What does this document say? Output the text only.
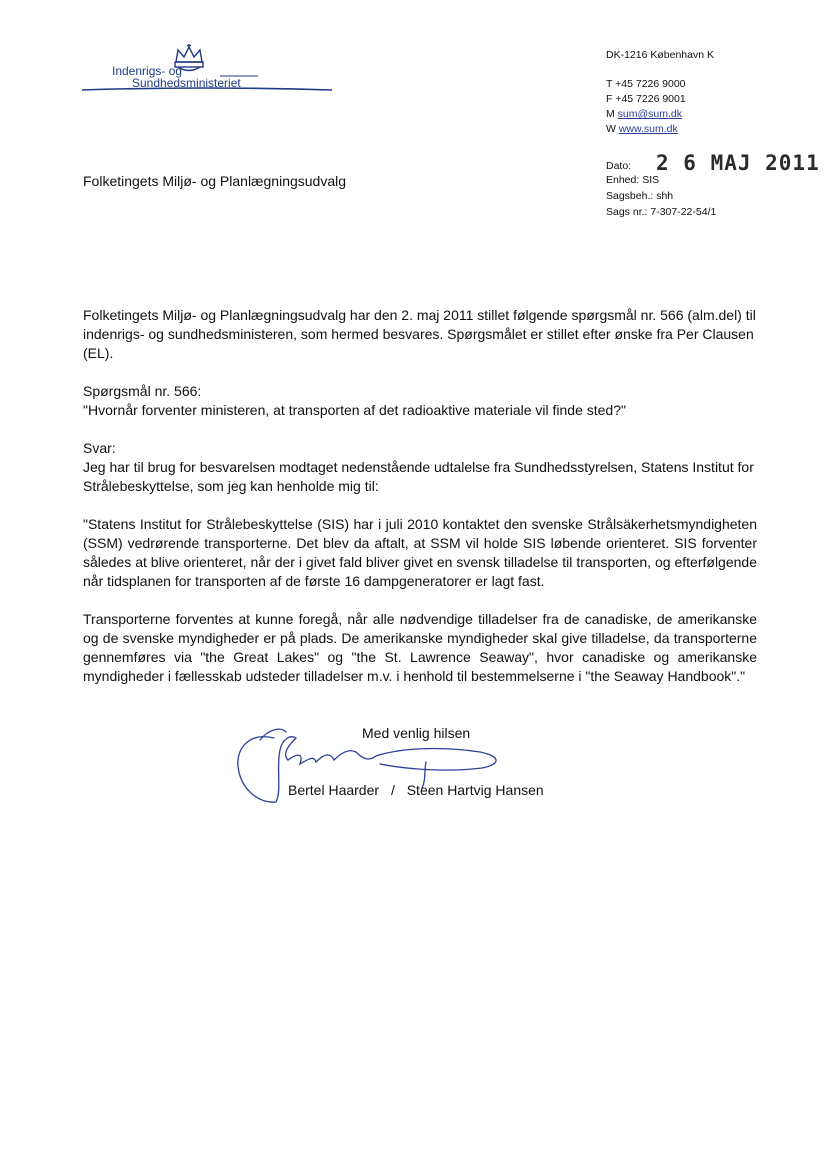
Indenrigs- og
Sundhedsministeriet
DK-1216 København K
T +45 7226 9000
F +45 7226 9001
M sum@sum.dk
W www.sum.dk
Dato: 2 6 MAJ 2011
Enhed: SIS
Sagsbeh.: shh
Sags nr.: 7-307-22-54/1
Folketingets Miljø- og Planlægningsudvalg

Folketingets Miljø- og Planlægningsudvalg har den 2. maj 2011 stillet følgende spørgsmål nr. 566 (alm.del) til indenrigs- og sundhedsministeren, som hermed besvares. Spørgsmålet er stillet efter ønske fra Per Clausen (EL).

Spørgsmål nr. 566:

"Hvornår forventer ministeren, at transporten af det radioaktive materiale vil finde sted?"

Svar:

Jeg har til brug for besvarelsen modtaget nedenstående udtalelse fra Sundhedsstyrelsen, Statens Institut for Strålebeskyttelse, som jeg kan henholde mig til:

"Statens Institut for Strålebeskyttelse (SIS) har i juli 2010 kontaktet den svenske Strålsäkerhetsmyndigheten (SSM) vedrørende transporterne. Det blev da aftalt, at SSM vil holde SIS løbende orienteret. SIS forventer således at blive orienteret, når der i givet fald bliver givet en svensk tilladelse til transporten, og efterfølgende når tidsplanen for transporten af de første 16 dampgeneratorer er lagt fast.

Transporterne forventes at kunne foregå, når alle nødvendige tilladelser fra de canadiske, de amerikanske og de svenske myndigheder er på plads. De amerikanske myndigheder skal give tilladelse, da transporterne gennemføres via "the Great Lakes" og "the St. Lawrence Seaway", hvor canadiske og amerikanske myndigheder i fællesskab udsteder tilladelser m.v. i henhold til bestemmelserne i "the Seaway Handbook"."

Med venlig hilsen
Bertel Haarder / Steen Hartvig Hansen
